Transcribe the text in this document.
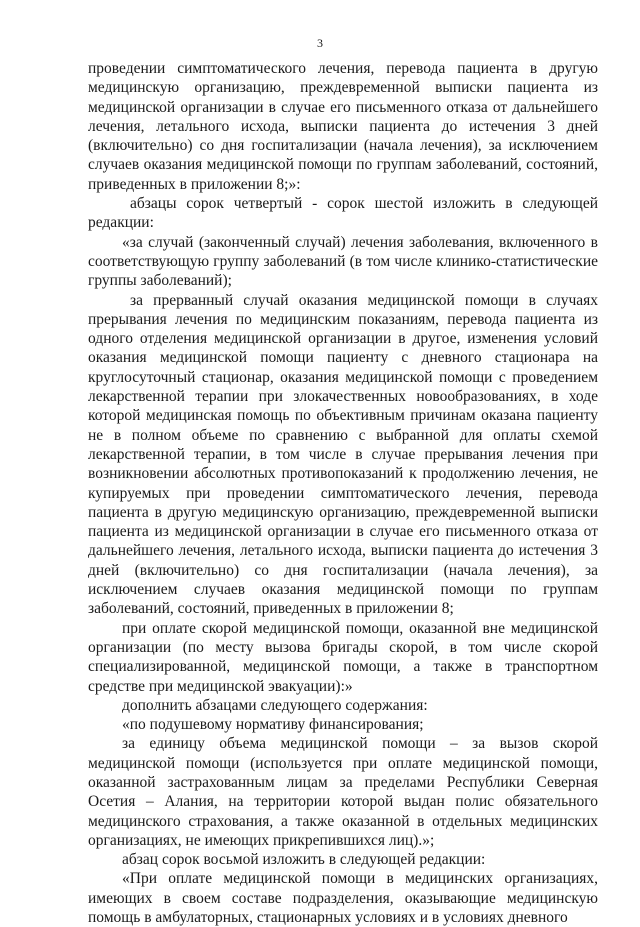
3

проведении симптоматического лечения, перевода пациента в другую медицинскую организацию, преждевременной выписки пациента из медицинской организации в случае его письменного отказа от дальнейшего лечения, летального исхода, выписки пациента до истечения 3 дней (включительно) со дня госпитализации (начала лечения), за исключением случаев оказания медицинской помощи по группам заболеваний, состояний, приведенных в приложении 8;»:

абзацы сорок четвертый - сорок шестой изложить в следующей редакции:

«за случай (законченный случай) лечения заболевания, включенного в соответствующую группу заболеваний (в том числе клинико-статистические группы заболеваний);

за прерванный случай оказания медицинской помощи в случаях прерывания лечения по медицинским показаниям, перевода пациента из одного отделения медицинской организации в другое, изменения условий оказания медицинской помощи пациенту с дневного стационара на круглосуточный стационар, оказания медицинской помощи с проведением лекарственной терапии при злокачественных новообразованиях, в ходе которой медицинская помощь по объективным причинам оказана пациенту не в полном объеме по сравнению с выбранной для оплаты схемой лекарственной терапии, в том числе в случае прерывания лечения при возникновении абсолютных противопоказаний к продолжению лечения, не купируемых при проведении симптоматического лечения, перевода пациента в другую медицинскую организацию, преждевременной выписки пациента из медицинской организации в случае его письменного отказа от дальнейшего лечения, летального исхода, выписки пациента до истечения 3 дней (включительно) со дня госпитализации (начала лечения), за исключением случаев оказания медицинской помощи по группам заболеваний, состояний, приведенных в приложении 8;

при оплате скорой медицинской помощи, оказанной вне медицинской организации (по месту вызова бригады скорой, в том числе скорой специализированной, медицинской помощи, а также в транспортном средстве при медицинской эвакуации):»

дополнить абзацами следующего содержания:

«по подушевому нормативу финансирования;

за единицу объема медицинской помощи – за вызов скорой медицинской помощи (используется при оплате медицинской помощи, оказанной застрахованным лицам за пределами Республики Северная Осетия – Алания, на территории которой выдан полис обязательного медицинского страхования, а также оказанной в отдельных медицинских организациях, не имеющих прикрепившихся лиц).»;

абзац сорок восьмой изложить в следующей редакции:

«При оплате медицинской помощи в медицинских организациях, имеющих в своем составе подразделения, оказывающие медицинскую помощь в амбулаторных, стационарных условиях и в условиях дневного
